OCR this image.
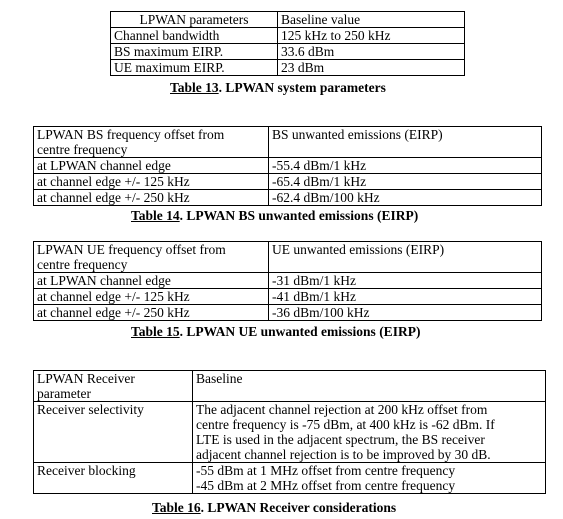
LPWAN parameters	Baseline value
Channel bandwidth	125 kHz to 250 kHz
BS maximum EIRP.	33.6 dBm
UE maximum EIRP.	23 dBm
Table 13. LPWAN system parameters
LPWAN BS frequency offset from
centre frequency	BS unwanted emissions (EIRP)
at LPWAN channel edge	-55.4 dBm/1 kHz
at channel edge +/- 125 kHz	-65.4 dBm/1 kHz
at channel edge +/- 250 kHz	-62.4 dBm/100 kHz
Table 14. LPWAN BS unwanted emissions (EIRP)
LPWAN UE frequency offset from
centre frequency	UE unwanted emissions (EIRP)
at LPWAN channel edge	-31 dBm/1 kHz
at channel edge +/- 125 kHz	-41 dBm/1 kHz
at channel edge +/- 250 kHz	-36 dBm/100 kHz
Table 15. LPWAN UE unwanted emissions (EIRP)
LPWAN Receiver
parameter	Baseline
Receiver selectivity	The adjacent channel rejection at 200 kHz offset from
centre frequency is -75 dBm, at 400 kHz is -62 dBm. If
LTE is used in the adjacent spectrum, the BS receiver
adjacent channel rejection is to be improved by 30 dB.

Receiver blocking	-55 dBm at 1 MHz offset from centre frequency
-45 dBm at 2 MHz offset from centre frequency
Table 16. LPWAN Receiver considerations
